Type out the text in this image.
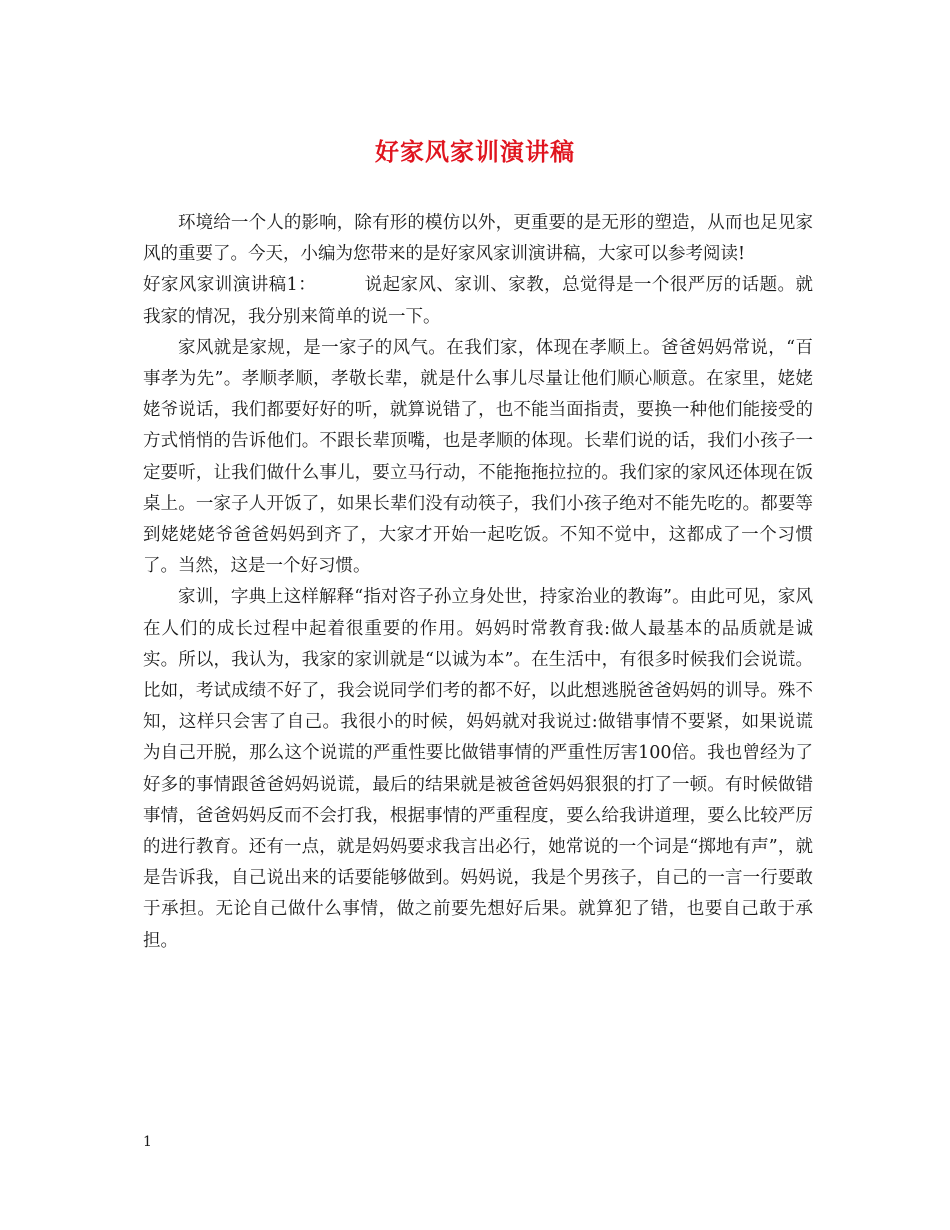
好家风家训演讲稿

环境给一个人的影响，除有形的模仿以外，更重要的是无形的塑造，从而也足见家风的重要了。今天，小编为您带来的是好家风家训演讲稿，大家可以参考阅读!

好家风家训演讲稿1：	说起家风、家训、家教，总觉得是一个很严厉的话题。就我家的情况，我分别来简单的说一下。

家风就是家规，是一家子的风气。在我们家，体现在孝顺上。爸爸妈妈常说，“百事孝为先”。孝顺孝顺，孝敬长辈，就是什么事儿尽量让他们顺心顺意。在家里，姥姥姥爷说话，我们都要好好的听，就算说错了，也不能当面指责，要换一种他们能接受的方式悄悄的告诉他们。不跟长辈顶嘴，也是孝顺的体现。长辈们说的话，我们小孩子一定要听，让我们做什么事儿，要立马行动，不能拖拖拉拉的。我们家的家风还体现在饭桌上。一家子人开饭了，如果长辈们没有动筷子，我们小孩子绝对不能先吃的。都要等到姥姥姥爷爸爸妈妈到齐了，大家才开始一起吃饭。不知不觉中，这都成了一个习惯了。当然，这是一个好习惯。

家训，字典上这样解释“指对咨子孙立身处世，持家治业的教诲”。由此可见，家风在人们的成长过程中起着很重要的作用。妈妈时常教育我:做人最基本的品质就是诚实。所以，我认为，我家的家训就是“以诚为本”。在生活中，有很多时候我们会说谎。比如，考试成绩不好了，我会说同学们考的都不好，以此想逃脱爸爸妈妈的训导。殊不知，这样只会害了自己。我很小的时候，妈妈就对我说过:做错事情不要紧，如果说谎为自己开脱，那么这个说谎的严重性要比做错事情的严重性厉害100倍。我也曾经为了好多的事情跟爸爸妈妈说谎，最后的结果就是被爸爸妈妈狠狠的打了一顿。有时候做错事情，爸爸妈妈反而不会打我，根据事情的严重程度，要么给我讲道理，要么比较严厉的进行教育。还有一点，就是妈妈要求我言出必行，她常说的一个词是“掷地有声”，就是告诉我，自己说出来的话要能够做到。妈妈说，我是个男孩子，自己的一言一行要敢于承担。无论自己做什么事情，做之前要先想好后果。就算犯了错，也要自己敢于承担。

1
